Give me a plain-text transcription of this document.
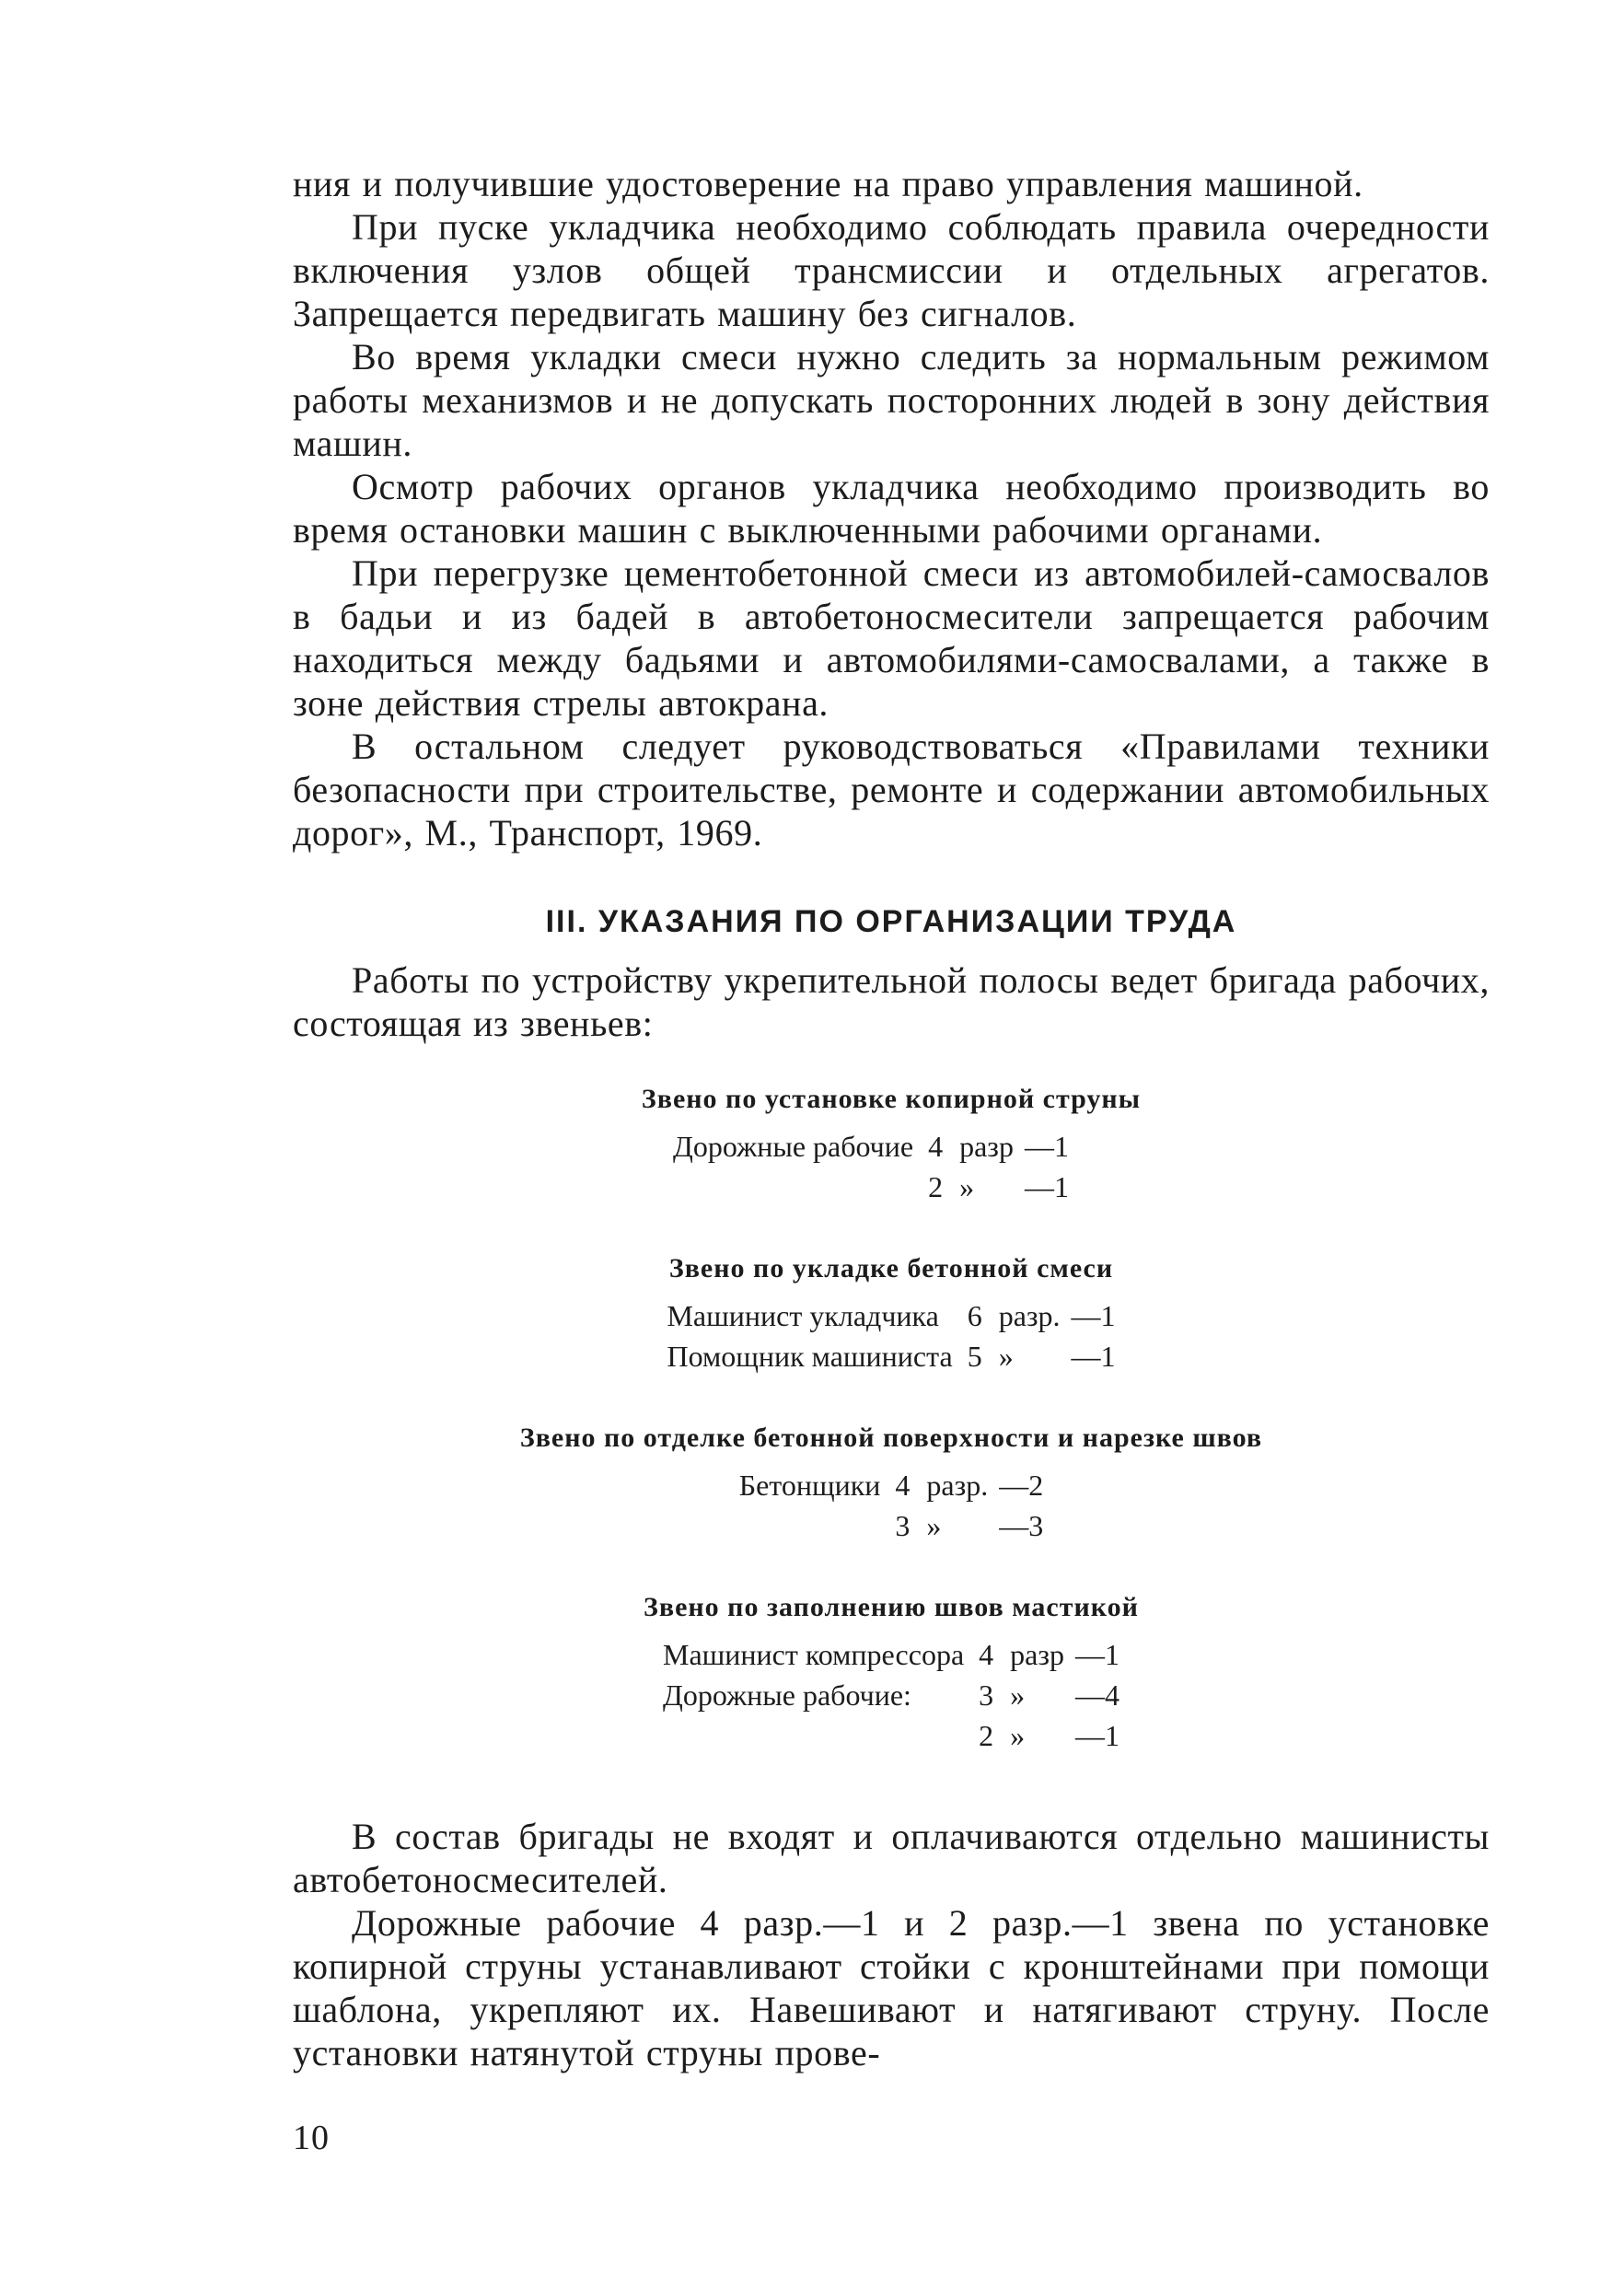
ния и получившие удостоверение на право управления машиной.

При пуске укладчика необходимо соблюдать правила очередности включения узлов общей трансмиссии и отдельных агрегатов. Запрещается передвигать машину без сигналов.

Во время укладки смеси нужно следить за нормальным режимом работы механизмов и не допускать посторонних людей в зону действия машин.

Осмотр рабочих органов укладчика необходимо производить во время остановки машин с выключенными рабочими органами.

При перегрузке цементобетонной смеси из автомобилей-самосвалов в бадьи и из бадей в автобетоносмесители запрещается рабочим находиться между бадьями и автомобилями-самосвалами, а также в зоне действия стрелы автокрана.

В остальном следует руководствоваться «Правилами техники безопасности при строительстве, ремонте и содержании автомобильных дорог», М., Транспорт, 1969.

III. УКАЗАНИЯ ПО ОРГАНИЗАЦИИ ТРУДА

Работы по устройству укрепительной полосы ведет бригада рабочих, состоящая из звеньев:

Звено по установке копирной струны
Дорожные рабочие	4	разр	—1
	2	»	—1
Звено по укладке бетонной смеси
Машинист укладчика	6	разр.	—1
Помощник машиниста	5	»	—1
Звено по отделке бетонной поверхности и нарезке швов
Бетонщики	4	разр.	—2
	3	»	—3
Звено по заполнению швов мастикой
Машинист компрессора	4	разр	—1
Дорожные рабочие:	3	»	—4
	2	»	—1

В состав бригады не входят и оплачиваются отдельно машинисты автобетоносмесителей.

Дорожные рабочие 4 разр.—1 и 2 разр.—1 звена по установке копирной струны устанавливают стойки с кронштейнами при помощи шаблона, укрепляют их. Навешивают и натягивают струну. После установки натянутой струны прове-

10
